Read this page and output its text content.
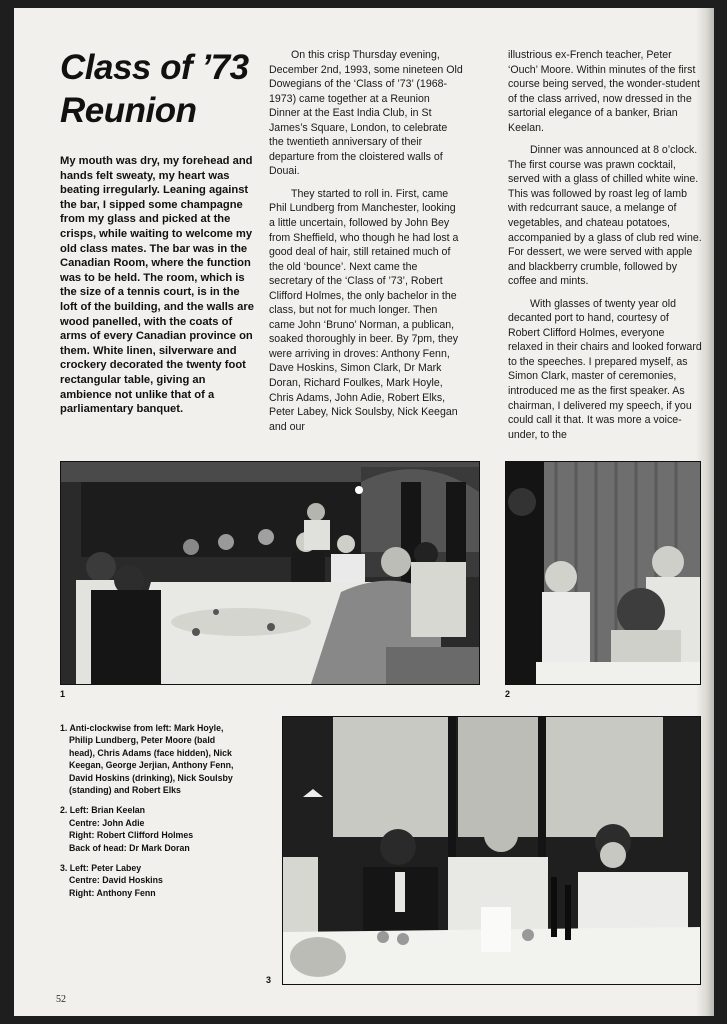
Class of ’73
Reunion

My mouth was dry, my forehead and hands felt sweaty, my heart was beating irregularly. Leaning against the bar, I sipped some champagne from my glass and picked at the crisps, while waiting to welcome my old class mates. The bar was in the Canadian Room, where the function was to be held. The room, which is the size of a tennis court, is in the loft of the building, and the walls are wood panelled, with the coats of arms of every Canadian province on them. White linen, silverware and crockery decorated the twenty foot rectangular table, giving an ambience not unlike that of a parliamentary banquet.

On this crisp Thursday evening, December 2nd, 1993, some nineteen Old Dowegians of the ‘Class of ’73’ (1968-1973) came together at a Reunion Dinner at the East India Club, in St James’s Square, London, to celebrate the twentieth anniversary of their departure from the cloistered walls of Douai.

They started to roll in. First, came Phil Lundberg from Manchester, looking a little uncertain, followed by John Bey from Sheffield, who though he had lost a good deal of hair, still retained much of the old ‘bounce’. Next came the secretary of the ‘Class of ’73’, Robert Clifford Holmes, the only bachelor in the class, but not for much longer. Then came John ‘Bruno’ Norman, a publican, soaked thoroughly in beer. By 7pm, they were arriving in droves: Anthony Fenn, Dave Hoskins, Simon Clark, Dr Mark Doran, Richard Foulkes, Mark Hoyle, Chris Adams, John Adie, Robert Elks, Peter Labey, Nick Soulsby, Nick Keegan and our

illustrious ex-French teacher, Peter ‘Ouch’ Moore. Within minutes of the first course being served, the wonder-student of the class arrived, now dressed in the sartorial elegance of a banker, Brian Keelan.

Dinner was announced at 8 o’clock. The first course was prawn cocktail, served with a glass of chilled white wine. This was followed by roast leg of lamb with redcurrant sauce, a melange of vegetables, and chateau potatoes, accompanied by a glass of club red wine. For dessert, we were served with apple and blackberry crumble, followed by coffee and mints.

With glasses of twenty year old decanted port to hand, courtesy of Robert Clifford Holmes, everyone relaxed in their chairs and looked forward to the speeches. I prepared myself, as Simon Clark, master of ceremonies, introduced me as the first speaker. As chairman, I delivered my speech, if you could call it that. It was more a voice-under, to the

1	2
1. Anti-clockwise from left: Mark Hoyle,
Philip Lundberg, Peter Moore (bald
head), Chris Adams (face hidden), Nick
Keegan, George Jerjian, Anthony Fenn,
David Hoskins (drinking), Nick Soulsby
(standing) and Robert Elks
2. Left: Brian Keelan
Centre: John Adie
Right: Robert Clifford Holmes
Back of head: Dr Mark Doran
3. Left: Peter Labey
Centre: David Hoskins
Right: Anthony Fenn
3
52
